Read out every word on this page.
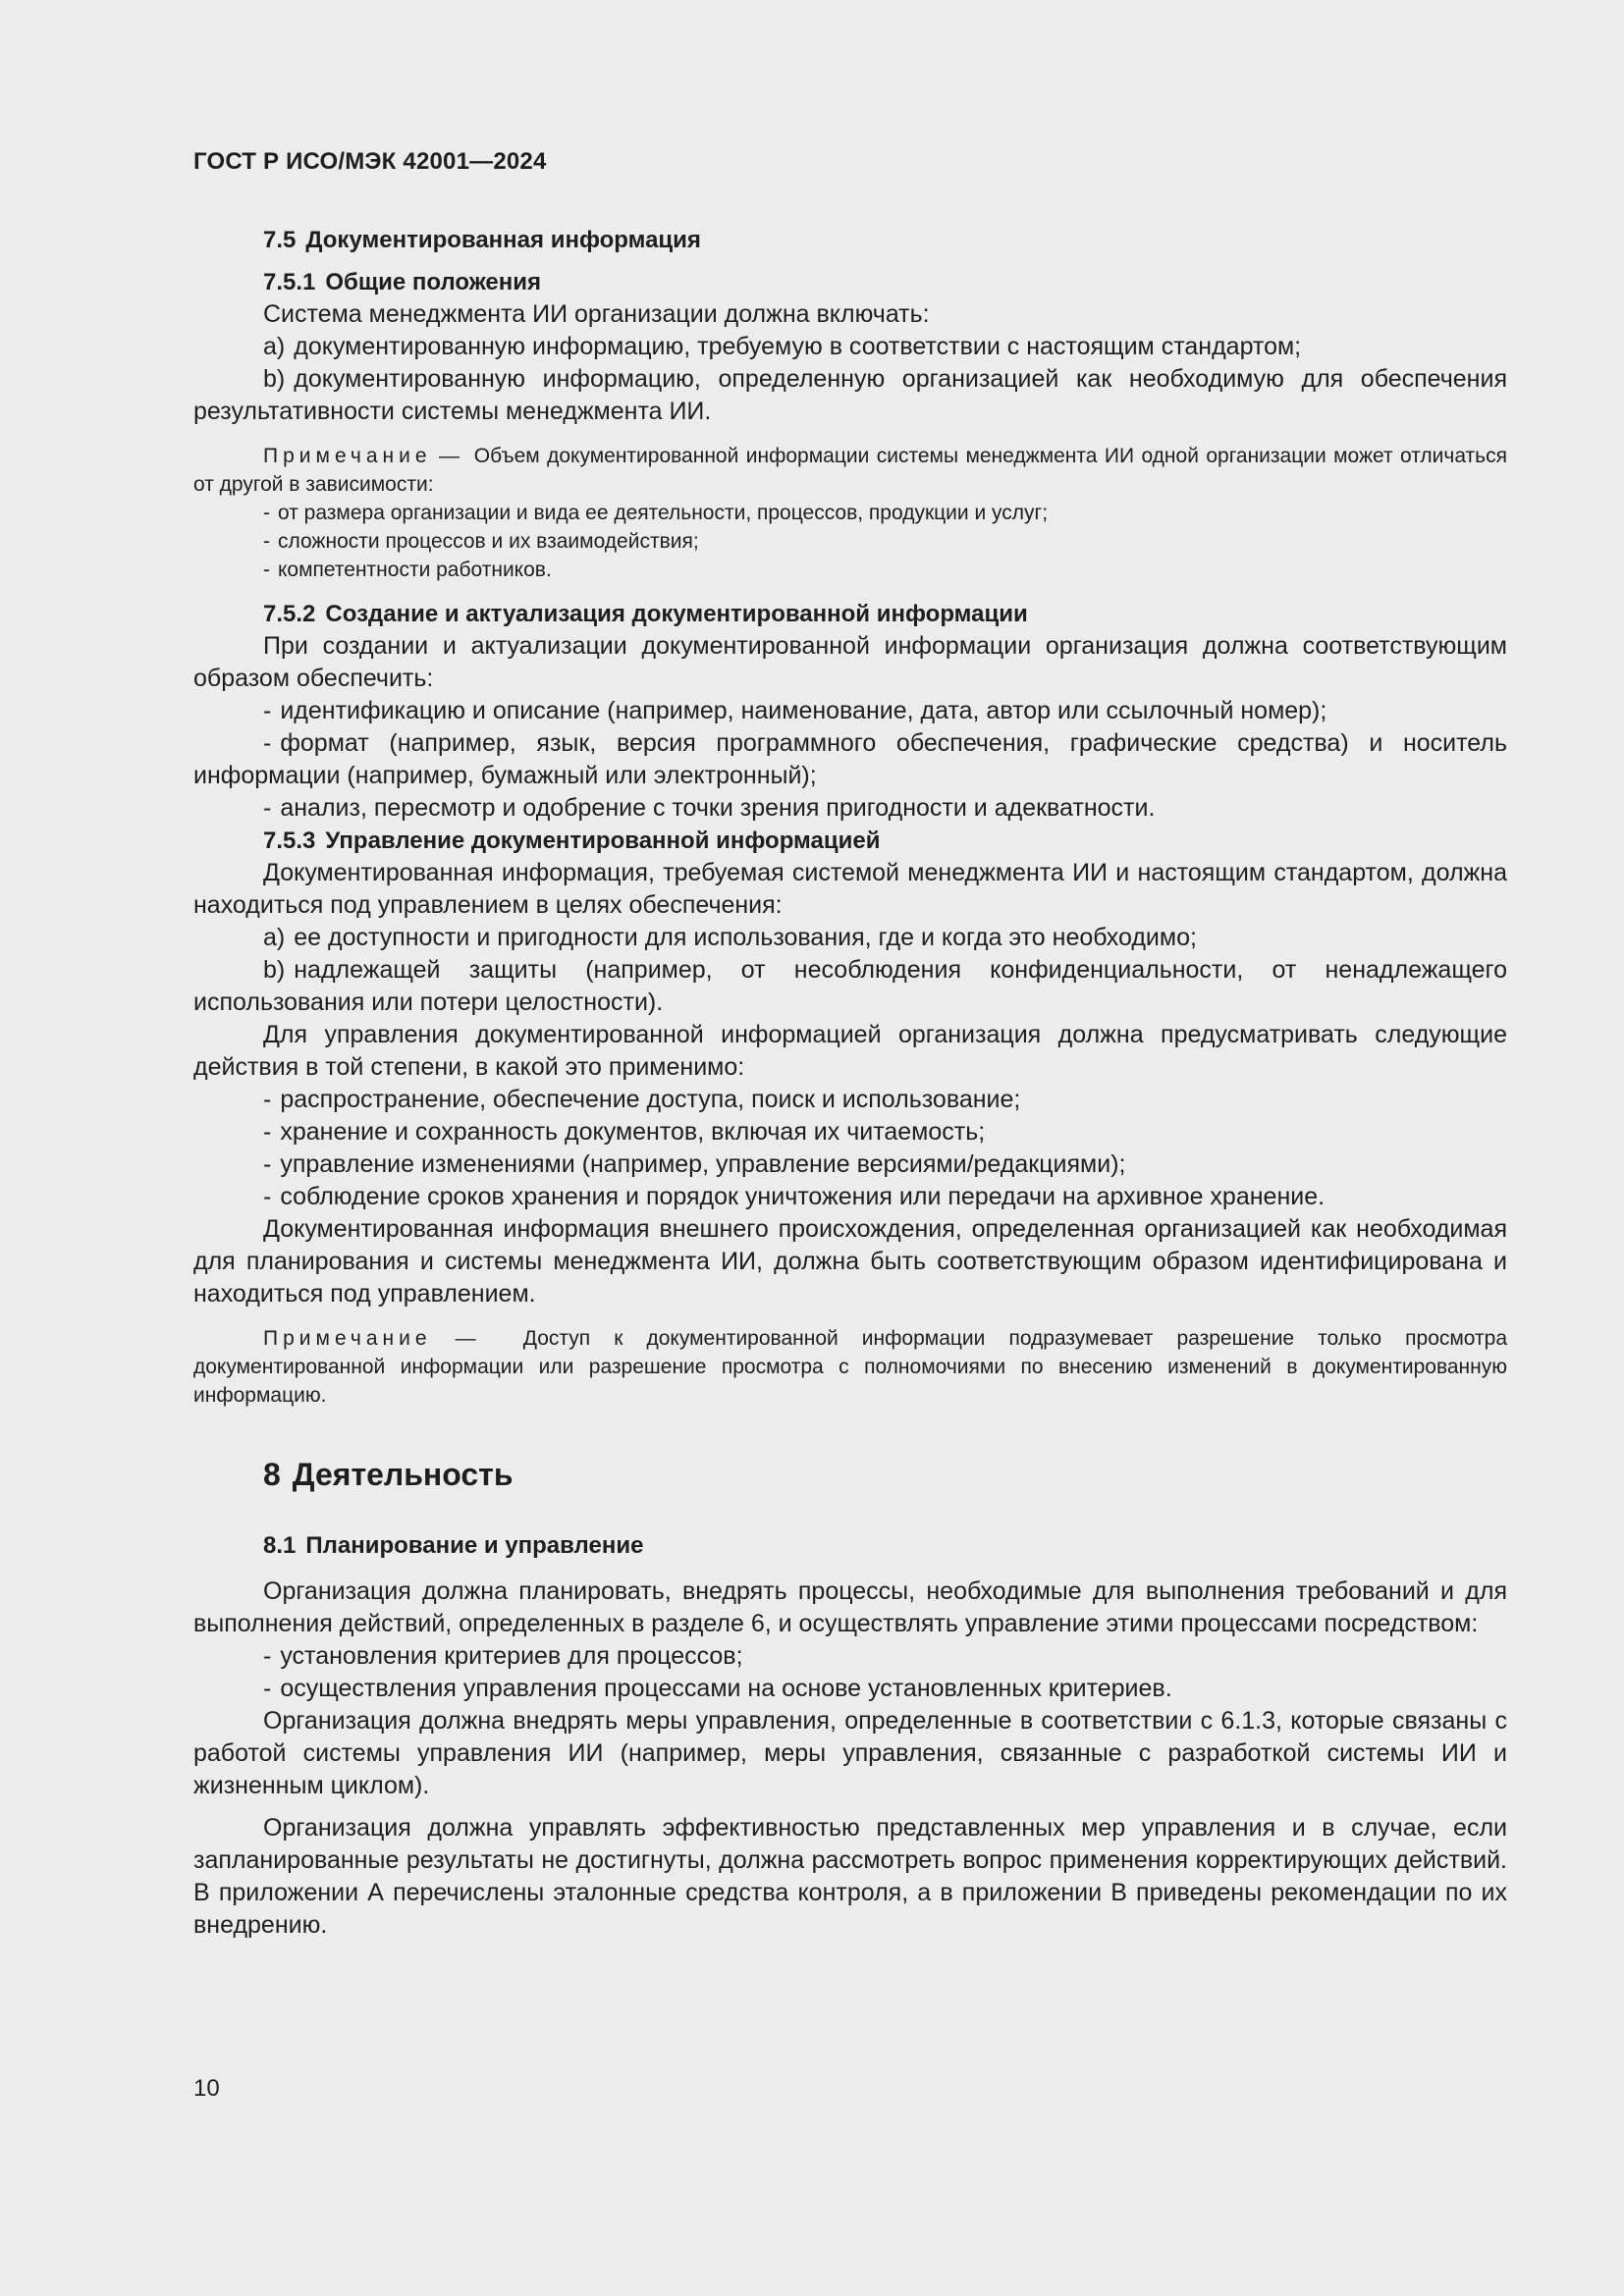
ГОСТ Р ИСО/МЭК 42001—2024

7.5 Документированная информация

7.5.1 Общие положения

Система менеджмента ИИ организации должна включать:

a) документированную информацию, требуемую в соответствии с настоящим стандартом;

b) документированную информацию, определенную организацией как необходимую для обеспечения результативности системы менеджмента ИИ.

Примечание — Объем документированной информации системы менеджмента ИИ одной организации может отличаться от другой в зависимости:

- от размера организации и вида ее деятельности, процессов, продукции и услуг;

- сложности процессов и их взаимодействия;

- компетентности работников.

7.5.2 Создание и актуализация документированной информации

При создании и актуализации документированной информации организация должна соответствующим образом обеспечить:

- идентификацию и описание (например, наименование, дата, автор или ссылочный номер);

- формат (например, язык, версия программного обеспечения, графические средства) и носитель информации (например, бумажный или электронный);

- анализ, пересмотр и одобрение с точки зрения пригодности и адекватности.

7.5.3 Управление документированной информацией

Документированная информация, требуемая системой менеджмента ИИ и настоящим стандартом, должна находиться под управлением в целях обеспечения:

a) ее доступности и пригодности для использования, где и когда это необходимо;

b) надлежащей защиты (например, от несоблюдения конфиденциальности, от ненадлежащего использования или потери целостности).

Для управления документированной информацией организация должна предусматривать следующие действия в той степени, в какой это применимо:

- распространение, обеспечение доступа, поиск и использование;

- хранение и сохранность документов, включая их читаемость;

- управление изменениями (например, управление версиями/редакциями);

- соблюдение сроков хранения и порядок уничтожения или передачи на архивное хранение.

Документированная информация внешнего происхождения, определенная организацией как необходимая для планирования и системы менеджмента ИИ, должна быть соответствующим образом идентифицирована и находиться под управлением.

Примечание — Доступ к документированной информации подразумевает разрешение только просмотра документированной информации или разрешение просмотра с полномочиями по внесению изменений в документированную информацию.

8 Деятельность

8.1 Планирование и управление

Организация должна планировать, внедрять процессы, необходимые для выполнения требований и для выполнения действий, определенных в разделе 6, и осуществлять управление этими процессами посредством:

- установления критериев для процессов;

- осуществления управления процессами на основе установленных критериев.

Организация должна внедрять меры управления, определенные в соответствии с 6.1.3, которые связаны с работой системы управления ИИ (например, меры управления, связанные с разработкой системы ИИ и жизненным циклом).

Организация должна управлять эффективностью представленных мер управления и в случае, если запланированные результаты не достигнуты, должна рассмотреть вопрос применения корректирующих действий. В приложении А перечислены эталонные средства контроля, а в приложении В приведены рекомендации по их внедрению.

10
